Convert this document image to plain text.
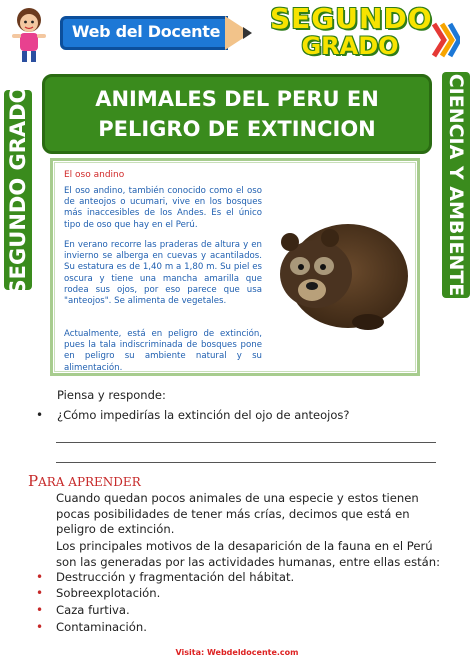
Web del Docente SEGUNDO
GRADO
SEGUNDO GRADO	CIENCIA Y AMBIENTE
ANIMALES DEL PERU EN
PELIGRO DE EXTINCION
El oso andino
El oso andino, también conocido como el oso de anteojos o ucumari, vive en los bosques más inaccesibles de los Andes. Es el único tipo de oso que hay en el Perú.
En verano recorre las praderas de altura y en invierno se alberga en cuevas y acantilados. Su estatura es de 1,40 m a 1,80 m. Su piel es oscura y tiene una mancha amarilla que rodea sus ojos, por eso parece que usa "anteojos". Se alimenta de vegetales.
Actualmente, está en peligro de extinción, pues la tala indiscriminada de bosques pone en peligro su ambiente natural y su alimentación.
Piensa y responde:
• ¿Cómo impedirías la extinción del ojo de anteojos?
PARA APRENDER
Cuando quedan pocos animales de una especie y estos tienen pocas posibilidades de tener más crías, decimos que está en peligro de extinción.
Los principales motivos de la desaparición de la fauna en el Perú son las generadas por las actividades humanas, entre ellas están:
• Destrucción y fragmentación del hábitat.
• Sobreexplotación.
• Caza furtiva.
• Contaminación.
Visita: Webdeldocente.com
